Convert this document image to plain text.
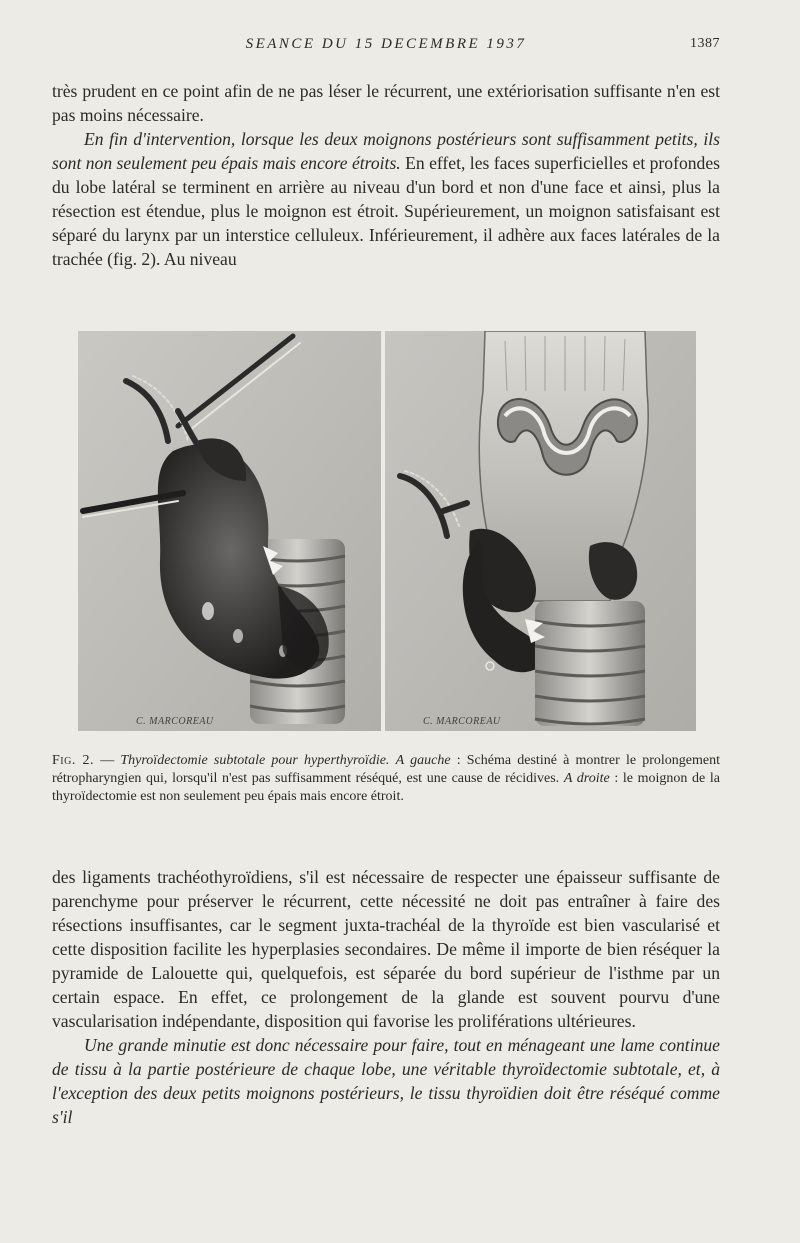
SEANCE DU 15 DECEMBRE 1937	1387

très prudent en ce point afin de ne pas léser le récurrent, une extériorisation suffisante n'en est pas moins nécessaire.

En fin d'intervention, lorsque les deux moignons postérieurs sont suffisamment petits, ils sont non seulement peu épais mais encore étroits. En effet, les faces superficielles et profondes du lobe latéral se terminent en arrière au niveau d'un bord et non d'une face et ainsi, plus la résection est étendue, plus le moignon est étroit. Supérieurement, un moignon satisfaisant est séparé du larynx par un interstice celluleux. Inférieurement, il adhère aux faces latérales de la trachée (fig. 2). Au niveau

C. MARCOREAU	C. MARCOREAU
Fig. 2. — Thyroïdectomie subtotale pour hyperthyroïdie. A gauche : Schéma destiné à montrer le prolongement rétropharyngien qui, lorsqu'il n'est pas suffisamment réséqué, est une cause de récidives. A droite : le moignon de la thyroïdectomie est non seulement peu épais mais encore étroit.

des ligaments trachéothyroïdiens, s'il est nécessaire de respecter une épaisseur suffisante de parenchyme pour préserver le récurrent, cette nécessité ne doit pas entraîner à faire des résections insuffisantes, car le segment juxta-trachéal de la thyroïde est bien vascularisé et cette disposition facilite les hyperplasies secondaires. De même il importe de bien réséquer la pyramide de Lalouette qui, quelquefois, est séparée du bord supérieur de l'isthme par un certain espace. En effet, ce prolongement de la glande est souvent pourvu d'une vascularisation indépendante, disposition qui favorise les proliférations ultérieures.

Une grande minutie est donc nécessaire pour faire, tout en ménageant une lame continue de tissu à la partie postérieure de chaque lobe, une véritable thyroïdectomie subtotale, et, à l'exception des deux petits moignons postérieurs, le tissu thyroïdien doit être réséqué comme s'il
